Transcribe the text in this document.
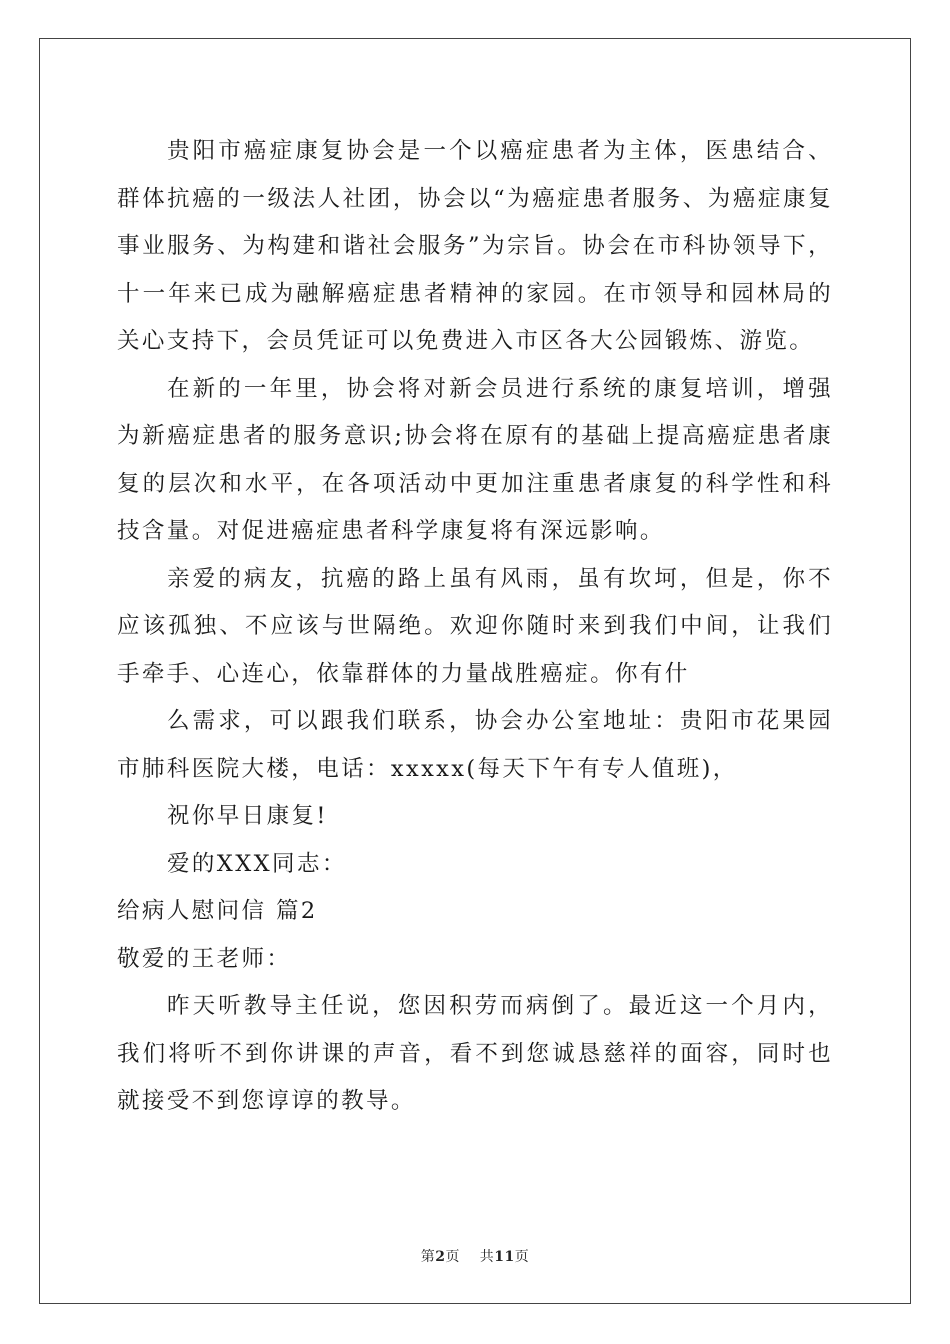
贵阳市癌症康复协会是一个以癌症患者为主体，医患结合、群体抗癌的一级法人社团，协会以“为癌症患者服务、为癌症康复事业服务、为构建和谐社会服务”为宗旨。协会在市科协领导下，十一年来已成为融解癌症患者精神的家园。在市领导和园林局的关心支持下，会员凭证可以免费进入市区各大公园锻炼、游览。

在新的一年里，协会将对新会员进行系统的康复培训，增强为新癌症患者的服务意识;协会将在原有的基础上提高癌症患者康复的层次和水平，在各项活动中更加注重患者康复的科学性和科技含量。对促进癌症患者科学康复将有深远影响。

亲爱的病友，抗癌的路上虽有风雨，虽有坎坷，但是，你不应该孤独、不应该与世隔绝。欢迎你随时来到我们中间，让我们手牵手、心连心，依靠群体的力量战胜癌症。你有什

么需求，可以跟我们联系，协会办公室地址：贵阳市花果园市肺科医院大楼，电话：xxxxx(每天下午有专人值班)，

祝你早日康复!

爱的XXX同志：

给病人慰问信 篇2

敬爱的王老师：

昨天听教导主任说，您因积劳而病倒了。最近这一个月内，我们将听不到你讲课的声音，看不到您诚恳慈祥的面容，同时也就接受不到您谆谆的教导。

第2页 共11页
